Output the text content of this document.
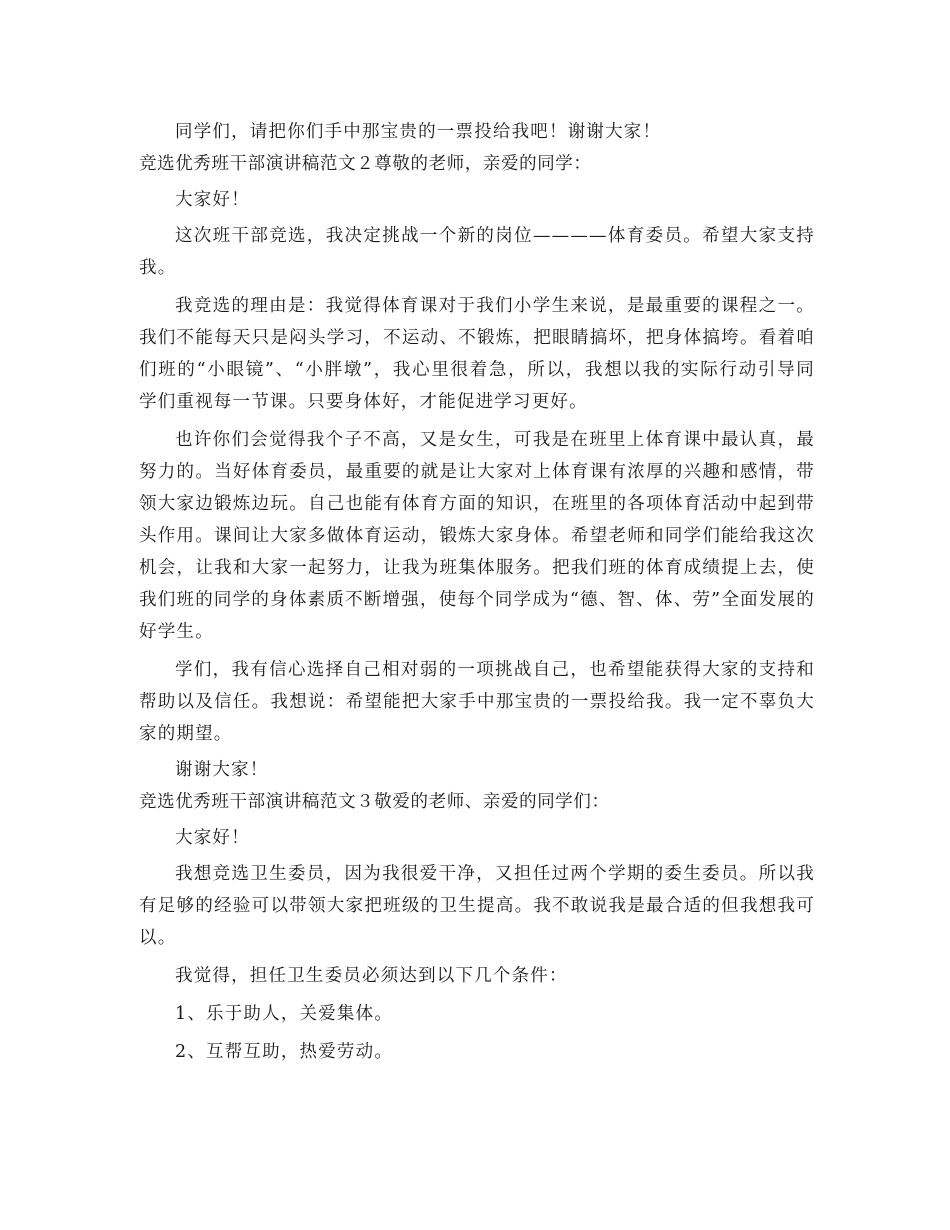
同学们，请把你们手中那宝贵的一票投给我吧！谢谢大家！

竞选优秀班干部演讲稿范文２尊敬的老师，亲爱的同学：

大家好！

这次班干部竞选，我决定挑战一个新的岗位————体育委员。希望大家支持我。

我竞选的理由是：我觉得体育课对于我们小学生来说，是最重要的课程之一。我们不能每天只是闷头学习，不运动、不锻炼，把眼睛搞坏，把身体搞垮。看着咱们班的“小眼镜”、“小胖墩”，我心里很着急，所以，我想以我的实际行动引导同学们重视每一节课。只要身体好，才能促进学习更好。

也许你们会觉得我个子不高，又是女生，可我是在班里上体育课中最认真，最努力的。当好体育委员，最重要的就是让大家对上体育课有浓厚的兴趣和感情，带领大家边锻炼边玩。自己也能有体育方面的知识，在班里的各项体育活动中起到带头作用。课间让大家多做体育运动，锻炼大家身体。希望老师和同学们能给我这次机会，让我和大家一起努力，让我为班集体服务。把我们班的体育成绩提上去，使我们班的同学的身体素质不断增强，使每个同学成为“德、智、体、劳”全面发展的好学生。

学们，我有信心选择自己相对弱的一项挑战自己，也希望能获得大家的支持和帮助以及信任。我想说：希望能把大家手中那宝贵的一票投给我。我一定不辜负大家的期望。

谢谢大家！

竞选优秀班干部演讲稿范文３敬爱的老师、亲爱的同学们：

大家好！

我想竞选卫生委员，因为我很爱干净，又担任过两个学期的委生委员。所以我有足够的经验可以带领大家把班级的卫生提高。我不敢说我是最合适的但我想我可以。

我觉得，担任卫生委员必须达到以下几个条件：

1、乐于助人，关爱集体。

2、互帮互助，热爱劳动。
